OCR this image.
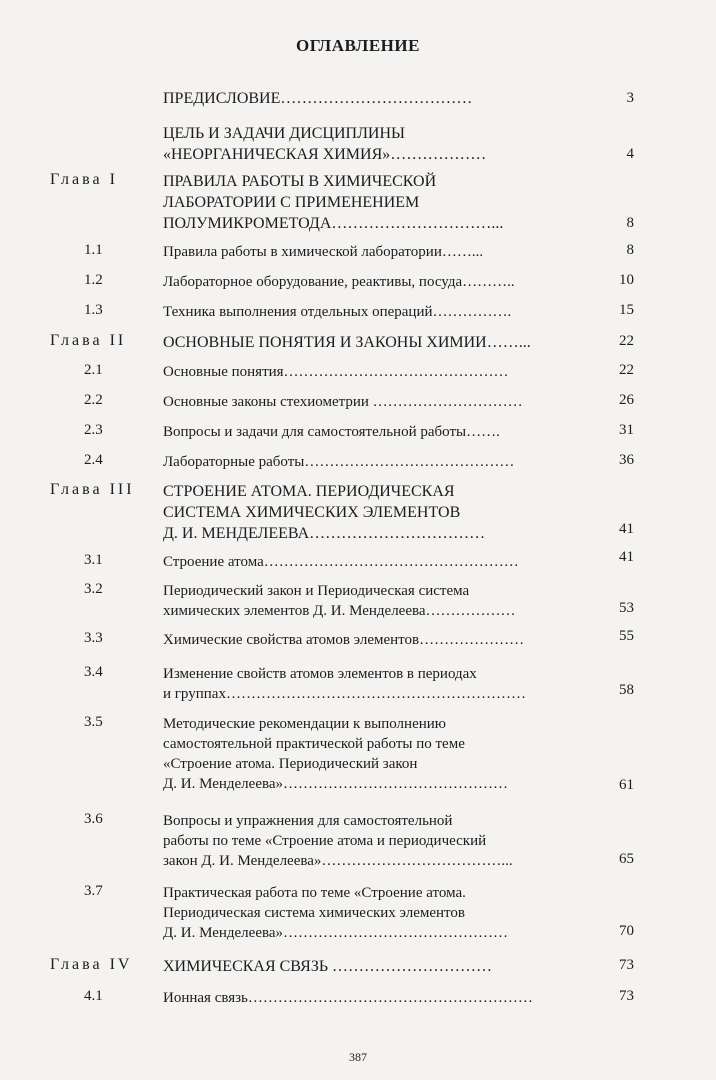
ОГЛАВЛЕНИЕ
ПРЕДИСЛОВИЕ………………………………	3
ЦЕЛЬ И ЗАДАЧИ ДИСЦИПЛИНЫ
«НЕОРГАНИЧЕСКАЯ ХИМИЯ»………………	4
Глава I	ПРАВИЛА РАБОТЫ В ХИМИЧЕСКОЙ
ЛАБОРАТОРИИ С ПРИМЕНЕНИЕМ
ПОЛУМИКРОМЕТОДА…………………………...	8
1.1	Правила работы в химической лаборатории……...	8
1.2	Лабораторное оборудование, реактивы, посуда………..	10
1.3	Техника выполнения отдельных операций…………….	15
Глава II ОСНОВНЫЕ ПОНЯТИЯ И ЗАКОНЫ ХИМИИ……...	22
2.1	Основные понятия………………………………………	22
2.2	Основные законы стехиометрии …………………………	26
2.3	Вопросы и задачи для самостоятельной работы…….	31
2.4	Лабораторные работы……………………………………	36
Глава III СТРОЕНИЕ АТОМА. ПЕРИОДИЧЕСКАЯ
СИСТЕМА ХИМИЧЕСКИХ ЭЛЕМЕНТОВ
Д. И. МЕНДЕЛЕЕВА……………………………	41
3.1	Строение атома……………………………………………	41
3.2	Периодический закон и Периодическая система
химических элементов Д. И. Менделеева………………	53
3.3	Химические свойства атомов элементов…………………	55
3.4	Изменение свойств атомов элементов в периодах
и группах……………………………………………………	58
3.5	Методические рекомендации к выполнению
самостоятельной практической работы по теме
«Строение атома. Периодический закон
Д. И. Менделеева»………………………………………	61
3.6	Вопросы и упражнения для самостоятельной
работы по теме «Строение атома и периодический
закон Д. И. Менделеева»………………………………...	65
3.7	Практическая работа по теме «Строение атома.
Периодическая система химических элементов
Д. И. Менделеева»………………………………………	70
Глава IV ХИМИЧЕСКАЯ СВЯЗЬ …………………………	73
4.1	Ионная связь…………………………………………………	73
387
